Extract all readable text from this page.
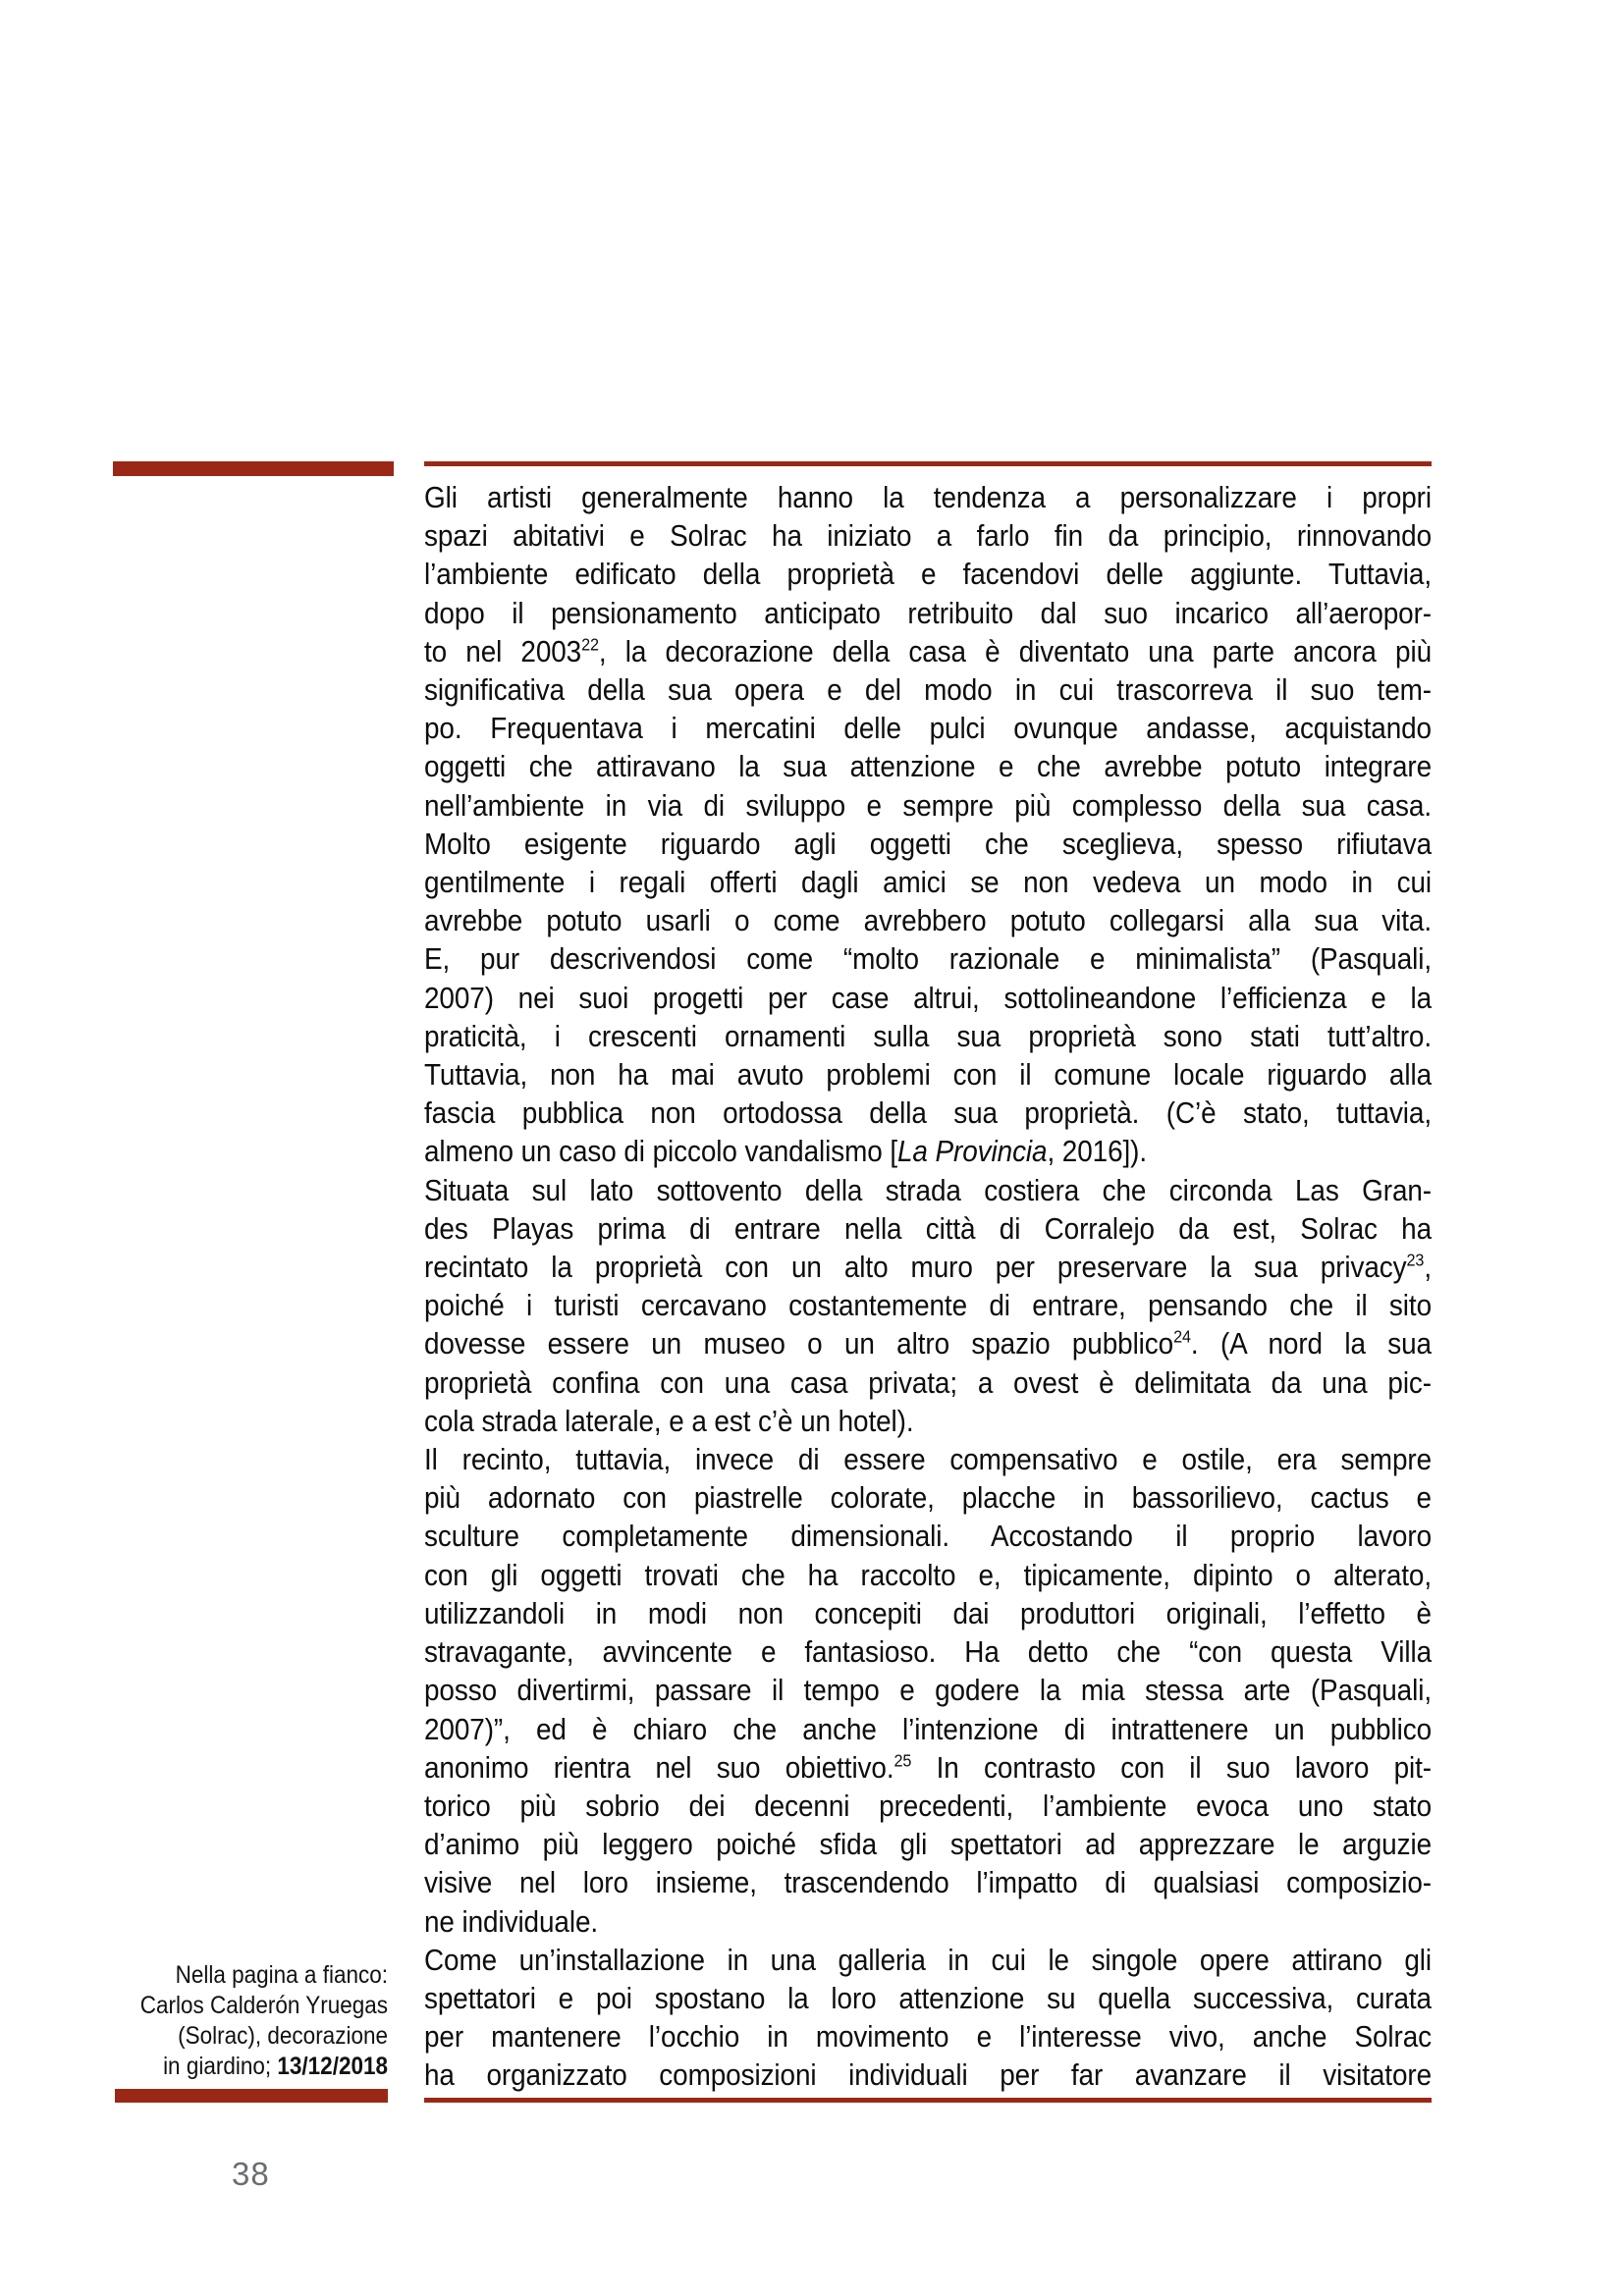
Gli artisti generalmente hanno la tendenza a personalizzare i propri
spazi abitativi e Solrac ha iniziato a farlo fin da principio, rinnovando
l’ambiente edificato della proprietà e facendovi delle aggiunte. Tuttavia,
dopo il pensionamento anticipato retribuito dal suo incarico all’aeropor-
to nel 2003$^{22}$, la decorazione della casa è diventato una parte ancora più
significativa della sua opera e del modo in cui trascorreva il suo tem-
po. Frequentava i mercatini delle pulci ovunque andasse, acquistando
oggetti che attiravano la sua attenzione e che avrebbe potuto integrare
nell’ambiente in via di sviluppo e sempre più complesso della sua casa.
Molto esigente riguardo agli oggetti che sceglieva, spesso rifiutava
gentilmente i regali offerti dagli amici se non vedeva un modo in cui
avrebbe potuto usarli o come avrebbero potuto collegarsi alla sua vita.
E, pur descrivendosi come “molto razionale e minimalista” (Pasquali,
2007) nei suoi progetti per case altrui, sottolineandone l’efficienza e la
praticità, i crescenti ornamenti sulla sua proprietà sono stati tutt’altro.
Tuttavia, non ha mai avuto problemi con il comune locale riguardo alla
fascia pubblica non ortodossa della sua proprietà. (C’è stato, tuttavia,
almeno un caso di piccolo vandalismo [La Provincia, 2016]).
Situata sul lato sottovento della strada costiera che circonda Las Gran-
des Playas prima di entrare nella città di Corralejo da est, Solrac ha
recintato la proprietà con un alto muro per preservare la sua privacy$^{23}$,
poiché i turisti cercavano costantemente di entrare, pensando che il sito
dovesse essere un museo o un altro spazio pubblico$^{24}$. (A nord la sua
proprietà confina con una casa privata; a ovest è delimitata da una pic-
cola strada laterale, e a est c’è un hotel).
Il recinto, tuttavia, invece di essere compensativo e ostile, era sempre
più adornato con piastrelle colorate, placche in bassorilievo, cactus e
sculture completamente dimensionali. Accostando il proprio lavoro
con gli oggetti trovati che ha raccolto e, tipicamente, dipinto o alterato,
utilizzandoli in modi non concepiti dai produttori originali, l’effetto è
stravagante, avvincente e fantasioso. Ha detto che “con questa Villa
posso divertirmi, passare il tempo e godere la mia stessa arte (Pasquali,
2007)”, ed è chiaro che anche l’intenzione di intrattenere un pubblico
anonimo rientra nel suo obiettivo.$^{25}$ In contrasto con il suo lavoro pit-
torico più sobrio dei decenni precedenti, l’ambiente evoca uno stato
d’animo più leggero poiché sfida gli spettatori ad apprezzare le arguzie
visive nel loro insieme, trascendendo l’impatto di qualsiasi composizio-
ne individuale.
Come un’installazione in una galleria in cui le singole opere attirano gli
spettatori e poi spostano la loro attenzione su quella successiva, curata
per mantenere l’occhio in movimento e l’interesse vivo, anche Solrac
ha organizzato composizioni individuali per far avanzare il visitatore
Nella pagina a fianco:
Carlos Calderón Yruegas
(Solrac), decorazione
in giardino; 13/12/2018
38
